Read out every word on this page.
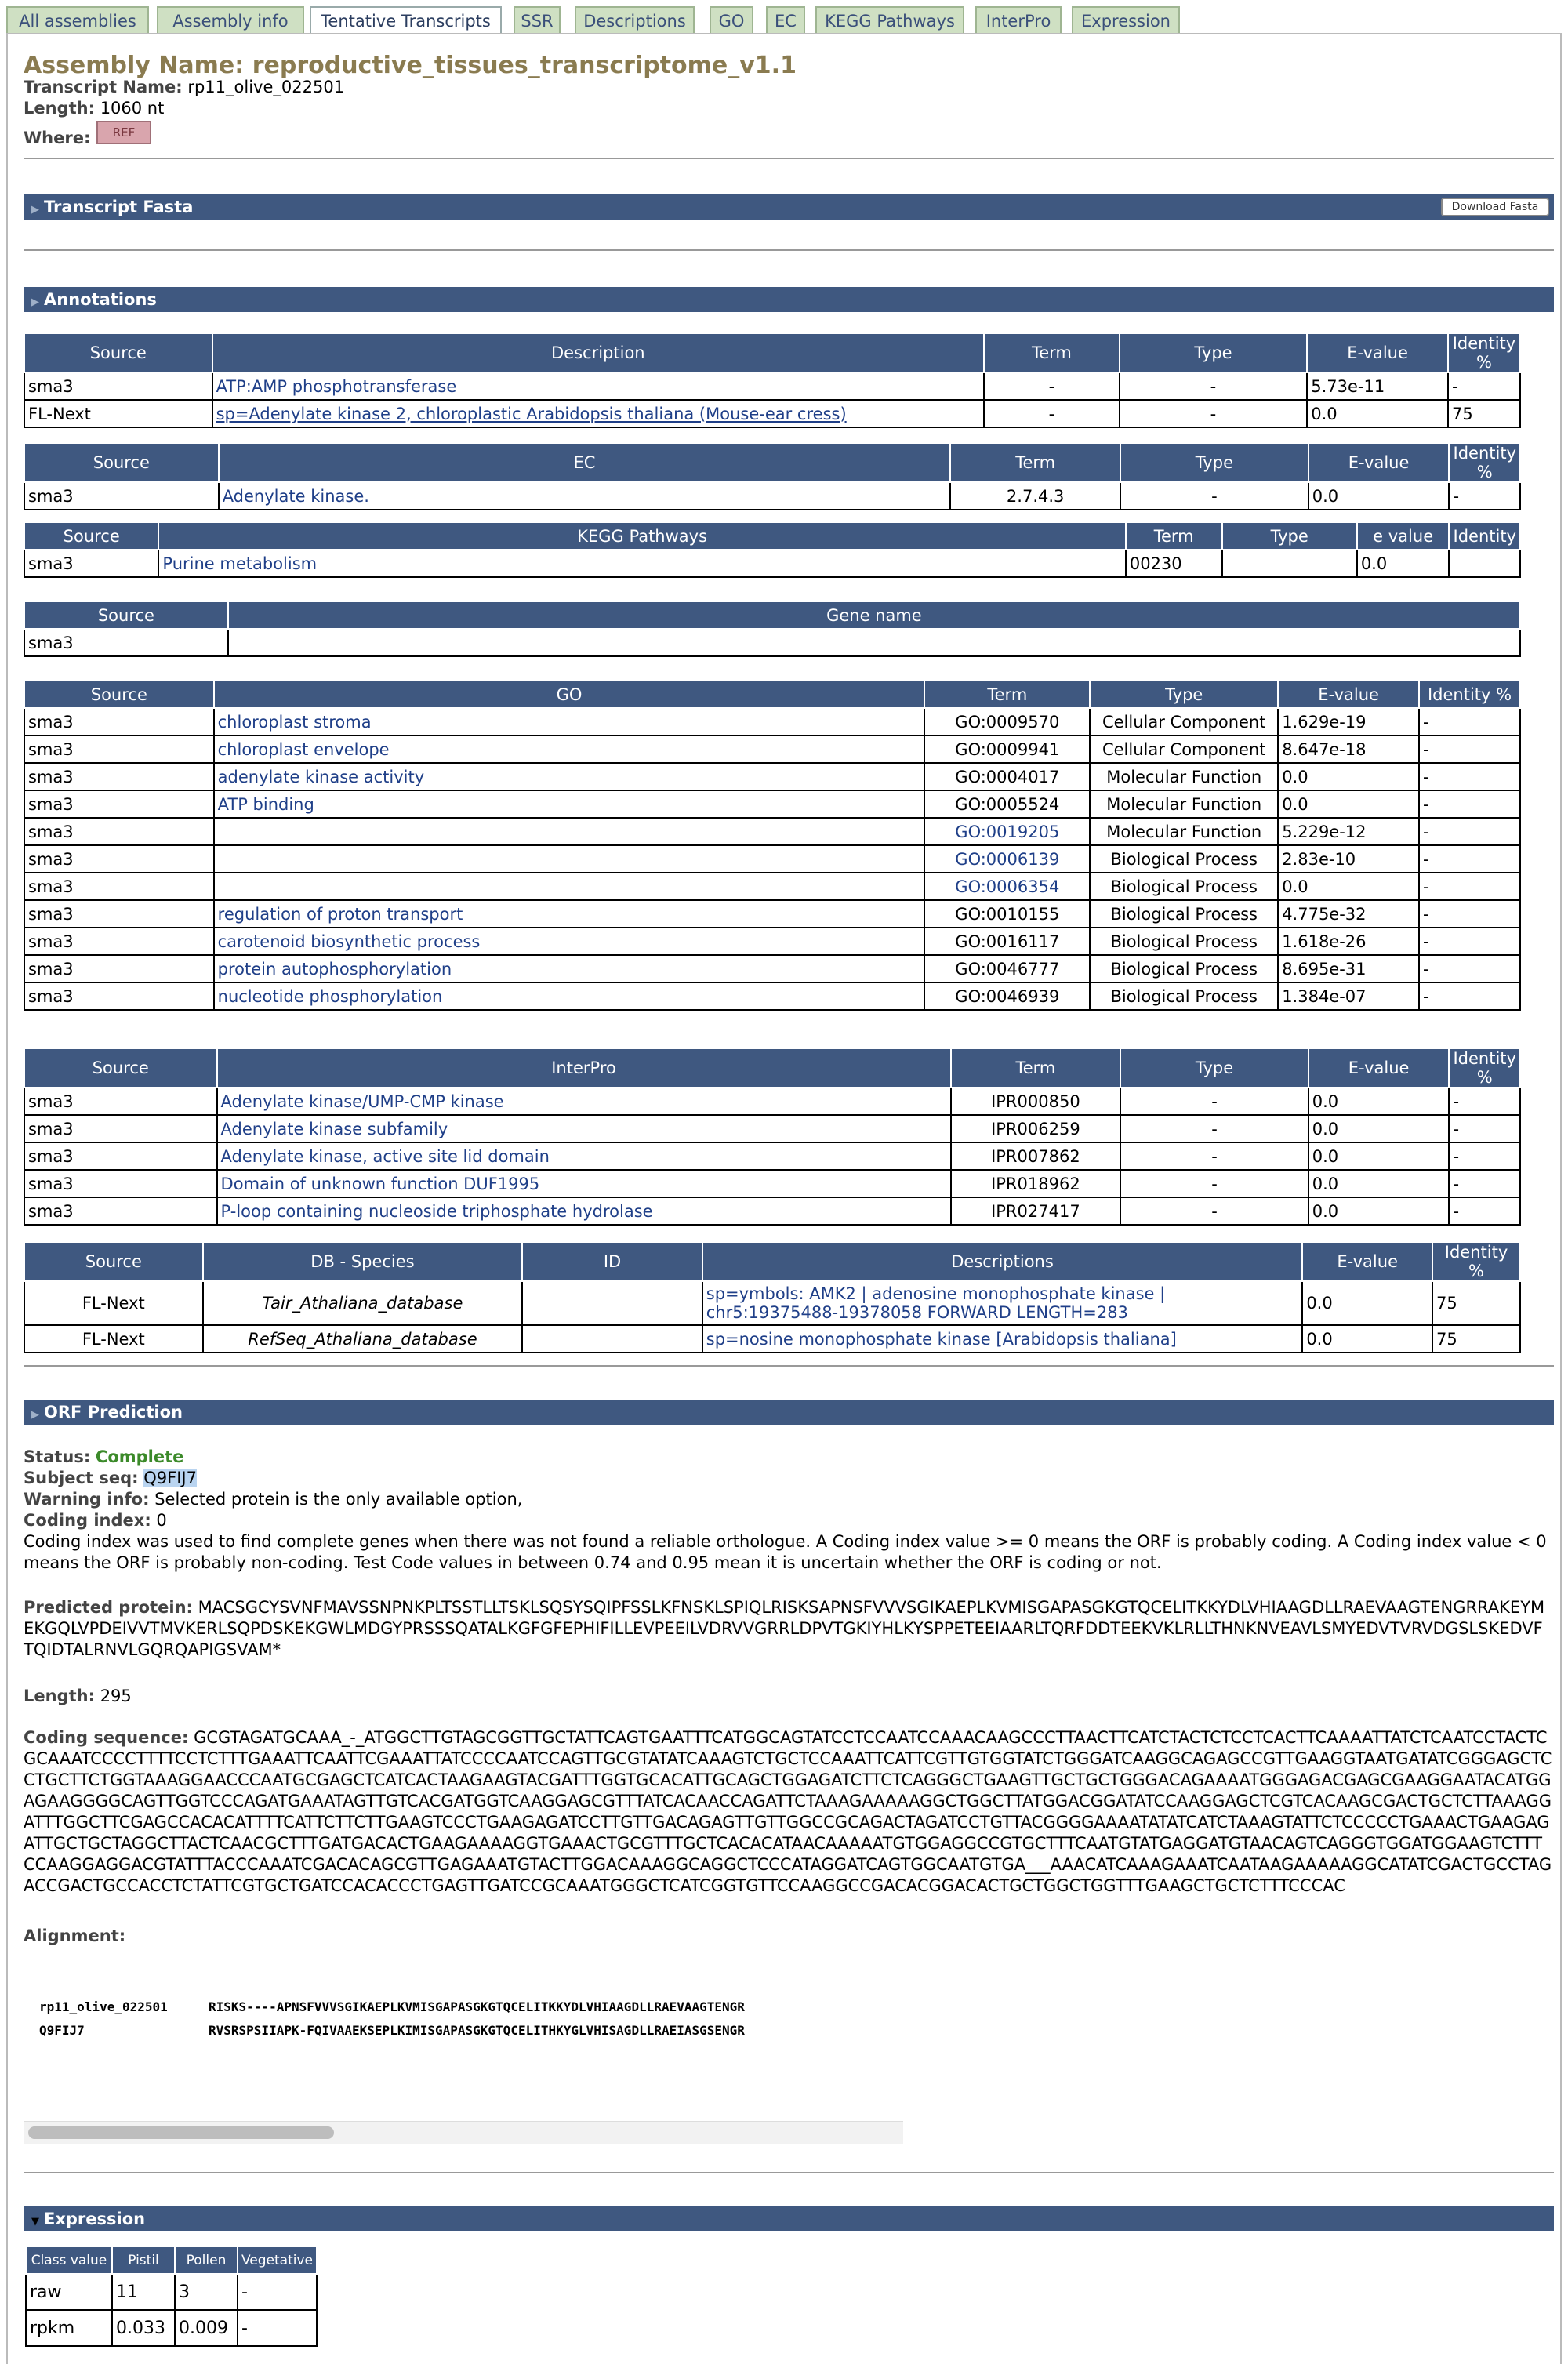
All assemblies	Assembly info	Tentative Transcripts	SSR	Descriptions	GO	EC	KEGG Pathways	InterPro	Expression
Assembly Name: reproductive_tissues_transcriptome_v1.1
Transcript Name: rp11_olive_022501
Length: 1060 nt
Where:	REF
▶ Transcript Fasta	Download Fasta
▶ Annotations
Source	Description	Term	Type	E-value	Identity %
sma3	ATP:AMP phosphotransferase	-	-	5.73e-11	-
FL-Next	sp=Adenylate kinase 2, chloroplastic Arabidopsis thaliana (Mouse-ear cress)	-	-	0.0	75
Source	EC	Term	Type	E-value	Identity %
sma3	Adenylate kinase.	2.7.4.3	-	0.0	-
Source	KEGG Pathways	Term	Type	e value	Identity
sma3	Purine metabolism	00230		0.0	
Source	Gene name
sma3	
Source	GO	Term	Type	E-value	Identity %
sma3	chloroplast stroma	GO:0009570	Cellular Component	1.629e-19	-
sma3	chloroplast envelope	GO:0009941	Cellular Component	8.647e-18	-
sma3	adenylate kinase activity	GO:0004017	Molecular Function	0.0	-
sma3	ATP binding	GO:0005524	Molecular Function	0.0	-
sma3		GO:0019205	Molecular Function	5.229e-12	-
sma3		GO:0006139	Biological Process	2.83e-10	-
sma3		GO:0006354	Biological Process	0.0	-
sma3	regulation of proton transport	GO:0010155	Biological Process	4.775e-32	-
sma3	carotenoid biosynthetic process	GO:0016117	Biological Process	1.618e-26	-
sma3	protein autophosphorylation	GO:0046777	Biological Process	8.695e-31	-
sma3	nucleotide phosphorylation	GO:0046939	Biological Process	1.384e-07	-
Source	InterPro	Term	Type	E-value	Identity %
sma3	Adenylate kinase/UMP-CMP kinase	IPR000850	-	0.0	-
sma3	Adenylate kinase subfamily	IPR006259	-	0.0	-
sma3	Adenylate kinase, active site lid domain	IPR007862	-	0.0	-
sma3	Domain of unknown function DUF1995	IPR018962	-	0.0	-
sma3	P-loop containing nucleoside triphosphate hydrolase	IPR027417	-	0.0	-
Source	DB - Species	ID	Descriptions	E-value	Identity %
FL-Next	Tair_Athaliana_database		sp=ymbols: AMK2 | adenosine monophosphate kinase | chr5:19375488-19378058 FORWARD LENGTH=283	0.0	75
FL-Next	RefSeq_Athaliana_database		sp=nosine monophosphate kinase [Arabidopsis thaliana]	0.0	75
▶ ORF Prediction
Status: Complete
Subject seq: Q9FIJ7
Warning info: Selected protein is the only available option,
Coding index: 0
Coding index was used to find complete genes when there was not found a reliable orthologue. A Coding index value >= 0 means the ORF is probably coding. A Coding index value < 0 means the ORF is probably non-coding. Test Code values in between 0.74 and 0.95 mean it is uncertain whether the ORF is coding or not.
Predicted protein: MACSGCYSVNFMAVSSNPNKPLTSSTLLTSKLSQSYSQIPFSSLKFNSKLSPIQLRISKSAPNSFVVVSGIKAEPLKVMISGAPASGKGTQCELITKKYDLVHIAAGDLLRAEVAAGTENGRRAKEYMEKGQLVPDEIVVTMVKERLSQPDSKEKGWLMDGYPRSSSQATALKGFGFEPHIFILLEVPEEILVDRVVGRRLDPVTGKIYHLKYSPPETEEIAARLTQRFDDTEEKVKLRLLTHNKNVEAVLSMYEDVTVRVDGSLSKEDVFTQIDTALRNVLGQRQAPIGSVAM*
Length: 295
Coding sequence: GCGTAGATGCAAA_-_ATGGCTTGTAGCGGTTGCTATTCAGTGAATTTCATGGCAGTATCCTCCAATCCAAACAAGCCCTTAACTTCATCTACTCTCCTCACTTCAAAATTATCTCAATCCTACTCGCAAATCCCCTTTTCCTCTTTGAAATTCAATTCGAAATTATCCCCAATCCAGTTGCGTATATCAAAGTCTGCTCCAAATTCATTCGTTGTGGTATCTGGGATCAAGGCAGAGCCGTTGAAGGTAATGATATCGGGAGCTCCTGCTTCTGGTAAAGGAACCCAATGCGAGCTCATCACTAAGAAGTACGATTTGGTGCACATTGCAGCTGGAGATCTTCTCAGGGCTGAAGTTGCTGCTGGGACAGAAAATGGGAGACGAGCGAAGGAATACATGGAGAAGGGGCAGTTGGTCCCAGATGAAATAGTTGTCACGATGGTCAAGGAGCGTTTATCACAACCAGATTCTAAAGAAAAAGGCTGGCTTATGGACGGATATCCAAGGAGCTCGTCACAAGCGACTGCTCTTAAAGGATTTGGCTTCGAGCCACACATTTTCATTCTTCTTGAAGTCCCTGAAGAGATCCTTGTTGACAGAGTTGTTGGCCGCAGACTAGATCCTGTTACGGGGAAAATATATCATCTAAAGTATTCTCCCCCTGAAACTGAAGAGATTGCTGCTAGGCTTACTCAACGCTTTGATGACACTGAAGAAAAGGTGAAACTGCGTTTGCTCACACATAACAAAAATGTGGAGGCCGTGCTTTCAATGTATGAGGATGTAACAGTCAGGGTGGATGGAAGTCTTTCCAAGGAGGACGTATTTACCCAAATCGACACAGCGTTGAGAAATGTACTTGGACAAAGGCAGGCTCCCATAGGATCAGTGGCAATGTGA___AAACATCAAAGAAATCAATAAGAAAAAGGCATATCGACTGCCTAGACCGACTGCCACCTCTATTCGTGCTGATCCACACCCTGAGTTGATCCGCAAATGGGCTCATCGGTGTTCCAAGGCCGACACGGACACTGCTGGCTGGTTTGAAGCTGCTCTTTCCCAC
Alignment:
rp11_olive_022501	RISKS----APNSFVVVSGIKAEPLKVMISGAPASGKGTQCELITKKYDLVHIAAGDLLRAEVAAGTENGR
Q9FIJ7	RVSRSPSIIAPK-FQIVAAEKSEPLKIMISGAPASGKGTQCELITHKYGLVHISAGDLLRAEIASGSENGR
▼ Expression
Class value	Pistil	Pollen	Vegetative
raw	11	3	-
rpkm	0.033	0.009	-
